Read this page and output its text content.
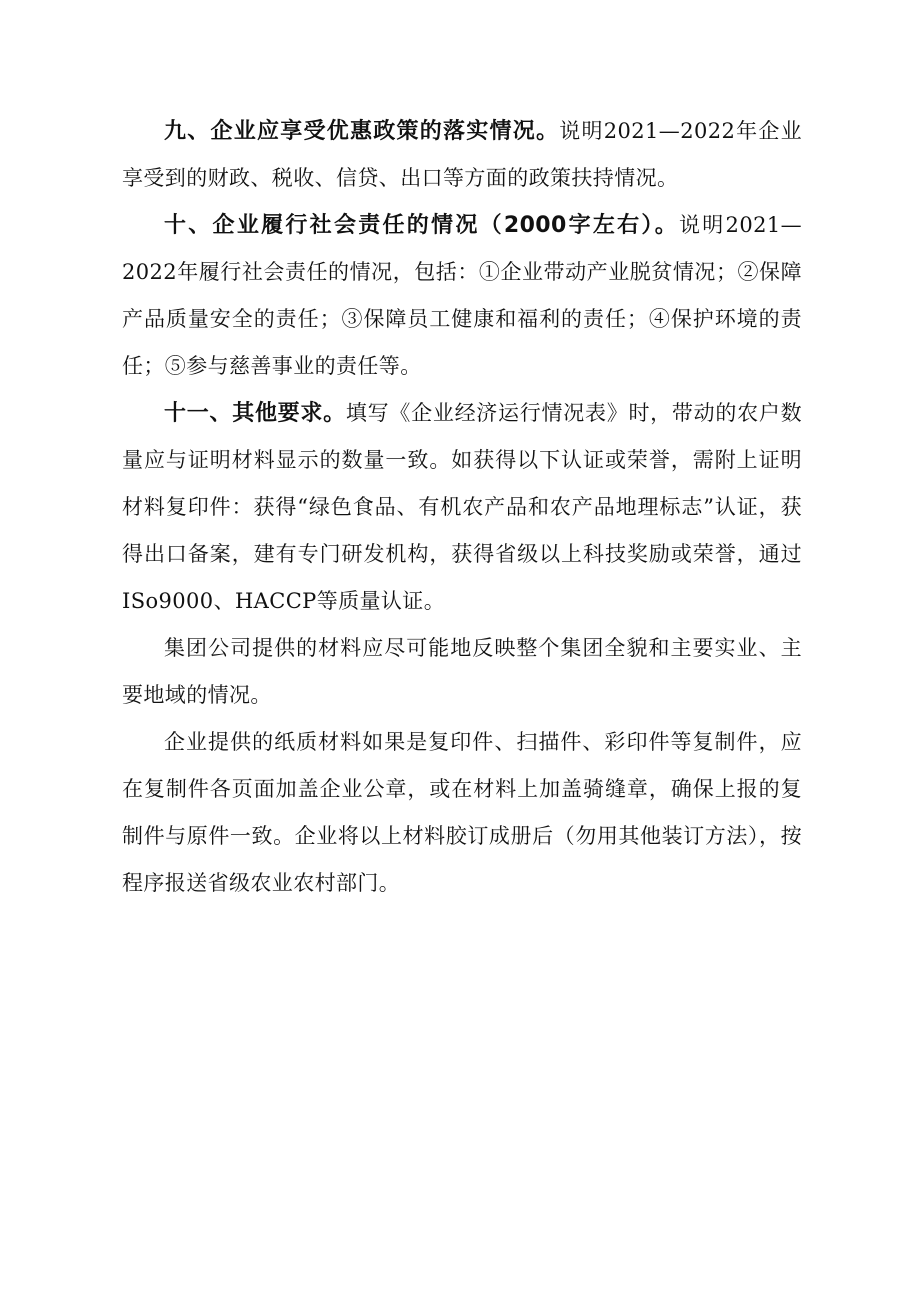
九、企业应享受优惠政策的落实情况。说明2021—2022年企业享受到的财政、税收、信贷、出口等方面的政策扶持情况。

十、企业履行社会责任的情况（2000字左右）。说明2021—2022年履行社会责任的情况，包括：①企业带动产业脱贫情况；②保障产品质量安全的责任；③保障员工健康和福利的责任；④保护环境的责任；⑤参与慈善事业的责任等。

十一、其他要求。填写《企业经济运行情况表》时，带动的农户数量应与证明材料显示的数量一致。如获得以下认证或荣誉，需附上证明材料复印件：获得“绿色食品、有机农产品和农产品地理标志”认证，获得出口备案，建有专门研发机构，获得省级以上科技奖励或荣誉，通过ISo9000、HACCP等质量认证。

集团公司提供的材料应尽可能地反映整个集团全貌和主要实业、主要地域的情况。

企业提供的纸质材料如果是复印件、扫描件、彩印件等复制件，应在复制件各页面加盖企业公章，或在材料上加盖骑缝章，确保上报的复制件与原件一致。企业将以上材料胶订成册后（勿用其他装订方法），按程序报送省级农业农村部门。
